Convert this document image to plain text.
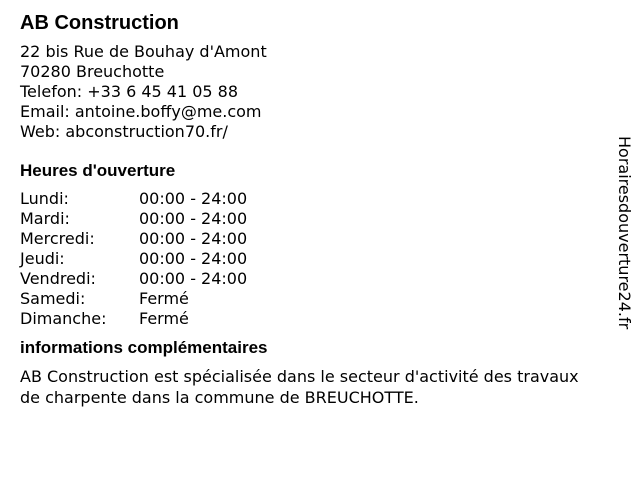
AB Construction
22 bis Rue de Bouhay d'Amont
70280 Breuchotte
Telefon: +33 6 45 41 05 88
Email: antoine.boffy@me.com
Web: abconstruction70.fr/
Heures d'ouverture
Lundi:	00:00 - 24:00
Mardi:	00:00 - 24:00
Mercredi:	00:00 - 24:00
Jeudi:	00:00 - 24:00
Vendredi:	00:00 - 24:00
Samedi:	Fermé
Dimanche:	Fermé
informations complémentaires
AB Construction est spécialisée dans le secteur d'activité des travaux de charpente dans la commune de BREUCHOTTE.
Horairesdouverture24.fr
